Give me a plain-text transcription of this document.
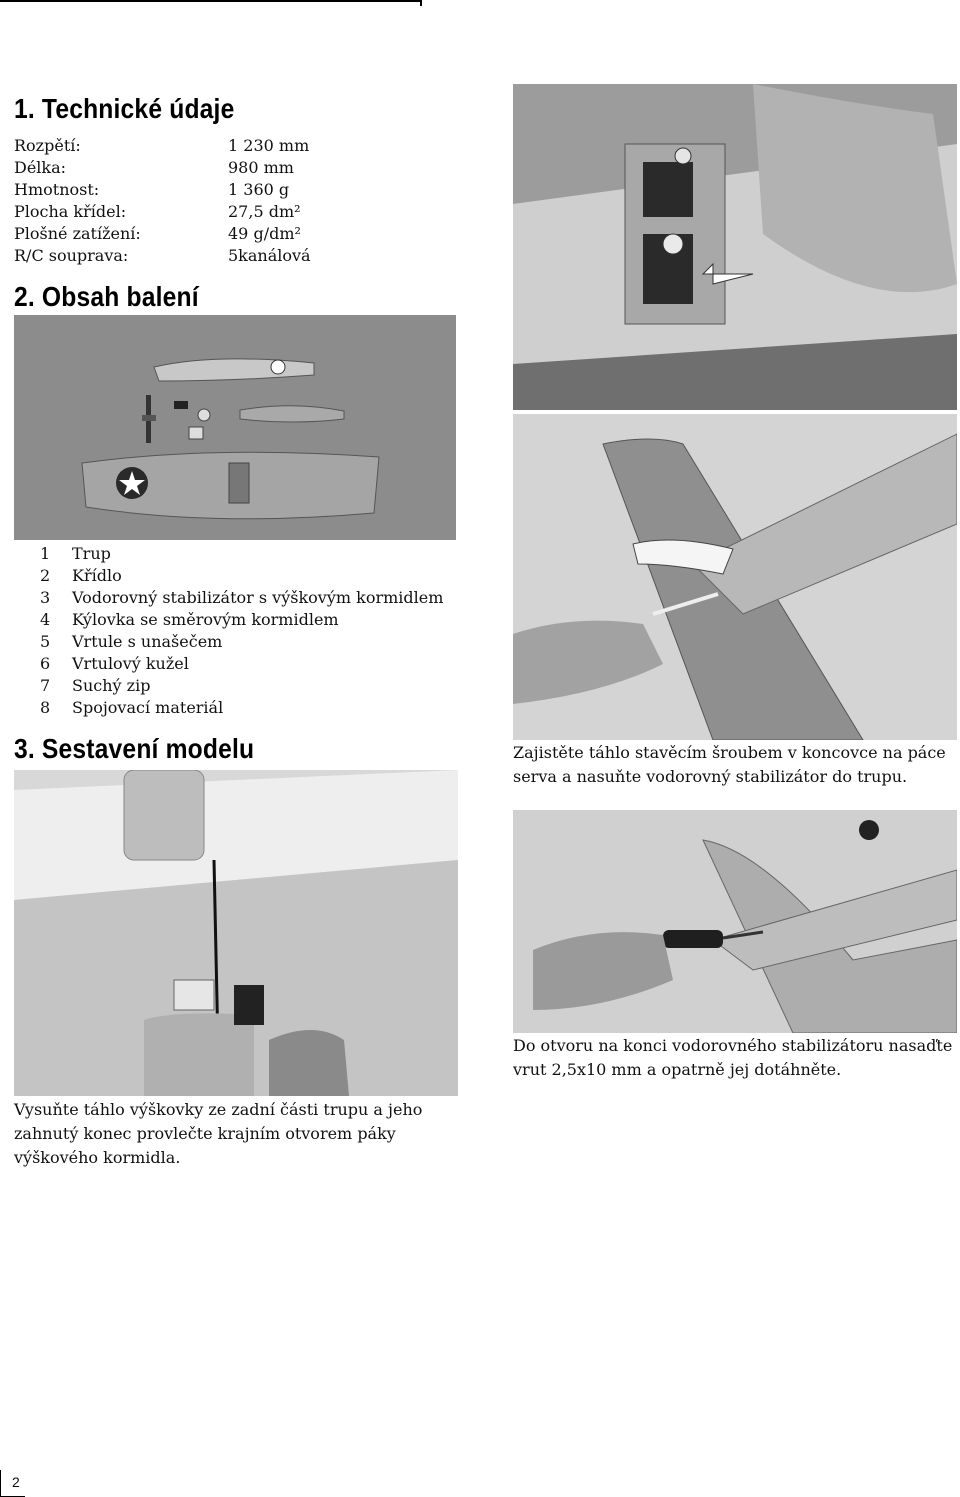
1. Technické údaje
Rozpětí:	1 230 mm
Délka:	980 mm
Hmotnost:	1 360 g
Plocha křídel:	27,5 dm²
Plošné zatížení:	49 g/dm²
R/C souprava:	5kanálová
2. Obsah balení
1 Trup
2 Křídlo
3 Vodorovný stabilizátor s výškovým kormidlem
4 Kýlovka se směrovým kormidlem
5 Vrtule s unašečem
6 Vrtulový kužel
7 Suchý zip
8 Spojovací materiál
3. Sestavení modelu	Zajistěte táhlo stavěcím šroubem v koncovce na páce serva a nasuňte vodorovný stabilizátor do trupu.
Do otvoru na konci vodorovného stabilizátoru nasaďte vrut 2,5x10 mm a opatrně jej dotáhněte.
Vysuňte táhlo výškovky ze zadní části trupu a jeho zahnutý konec provlečte krajním otvorem páky výškového kormidla.
2
